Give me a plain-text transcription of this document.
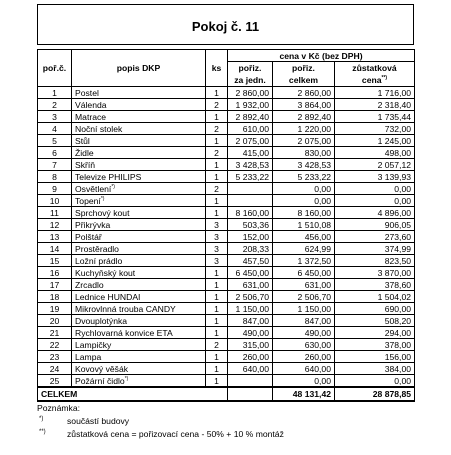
Pokoj č. 11
poř.č.	popis DKP	ks	cena v Kč (bez DPH)		
			pořiz.	pořiz.	zůstatková
			za jedn.	celkem	cena**)
1	Postel	1	2 860,00	2 860,00	1 716,00
2	Válenda	2	1 932,00	3 864,00	2 318,40
3	Matrace	1	2 892,40	2 892,40	1 735,44
4	Noční stolek	2	610,00	1 220,00	732,00
5	Stůl	1	2 075,00	2 075,00	1 245,00
6	Židle	2	415,00	830,00	498,00
7	Skříň	1	3 428,53	3 428,53	2 057,12
8	Televize PHILIPS	1	5 233,22	5 233,22	3 139,93
9	Osvětlení*)	2		0,00	0,00
10	Topení*)	1		0,00	0,00
11	Sprchový kout	1	8 160,00	8 160,00	4 896,00
12	Přikrývka	3	503,36	1 510,08	906,05
13	Polštář	3	152,00	456,00	273,60
14	Prostěradlo	3	208,33	624,99	374,99
15	Ložní prádlo	3	457,50	1 372,50	823,50
16	Kuchyňský kout	1	6 450,00	6 450,00	3 870,00
17	Zrcadlo	1	631,00	631,00	378,60
18	Lednice HUNDAI	1	2 506,70	2 506,70	1 504,02
19	Mikrovlnná trouba CANDY	1	1 150,00	1 150,00	690,00
20	Dvouplotýnka	1	847,00	847,00	508,20
21	Rychlovarná konvice ETA	1	490,00	490,00	294,00
22	Lampičky	2	315,00	630,00	378,00
23	Lampa	1	260,00	260,00	156,00
24	Kovový věšák	1	640,00	640,00	384,00
25	Požární čidlo*)	1		0,00	0,00
CELKEM				48 131,42	28 878,85
Poznámka:
*)	součástí budovy
**) zůstatková cena = pořizovací cena - 50% + 10 % montáž
